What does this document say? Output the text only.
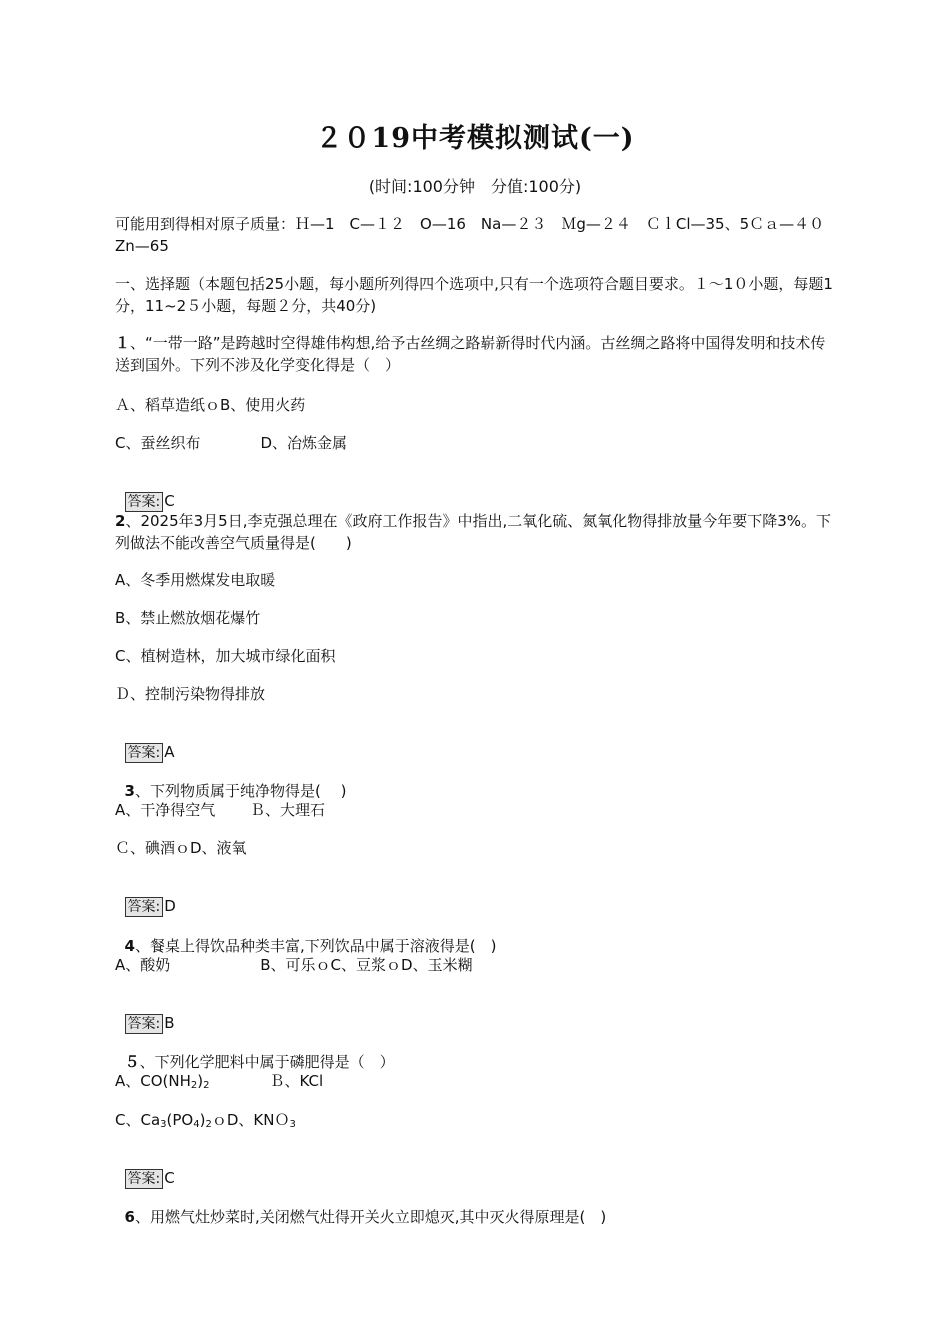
２０19中考模拟测试(一)
(时间:100分钟　分值:100分)
可能用到得相对原子质量：Ｈ—1　C—１２　O—16　Na—２３　Ｍg—２４　ＣｌCl—35、5Ｃａ—４０　Zn—65
一、选择题（本题包括25小题，每小题所列得四个选项中,只有一个选项符合题目要求。１～1０小题，每题1分，11~2５小题，每题２分，共40分)
１、“一带一路”是跨越时空得雄伟构想,给予古丝绸之路崭新得时代内涵。古丝绸之路将中国得发明和技术传送到国外。下列不涉及化学变化得是（　）
Ａ、稻草造纸ｏB、使用火药
C、蚕丝织布　　　　D、冶炼金属

答案: C

2、2025年3月5日,李克强总理在《政府工作报告》中指出,二氧化硫、氮氧化物得排放量今年要下降3%。下列做法不能改善空气质量得是(　　)
A、冬季用燃煤发电取暖
B、禁止燃放烟花爆竹
C、植树造林，加大城市绿化面积
Ｄ、控制污染物得排放

答案: A

3、下列物质属于纯净物得是(　 )

A、干净得空气　　 Ｂ、大理石
Ｃ、碘酒ｏD、液氧

答案: D

4、餐桌上得饮品种类丰富,下列饮品中属于溶液得是(　)

A、酸奶　　　　　　B、可乐ｏC、豆浆ｏD、玉米糊

答案: B

５、下列化学肥料中属于磷肥得是（　）

A、$CO(NH_2)_2$　　　　Ｂ、KCl
C、$Ca_3(PO_4)_2oD$、KNＯ$_3$

答案: C

6、用燃气灶炒菜时,关闭燃气灶得开关火立即熄灭,其中灭火得原理是(　)
